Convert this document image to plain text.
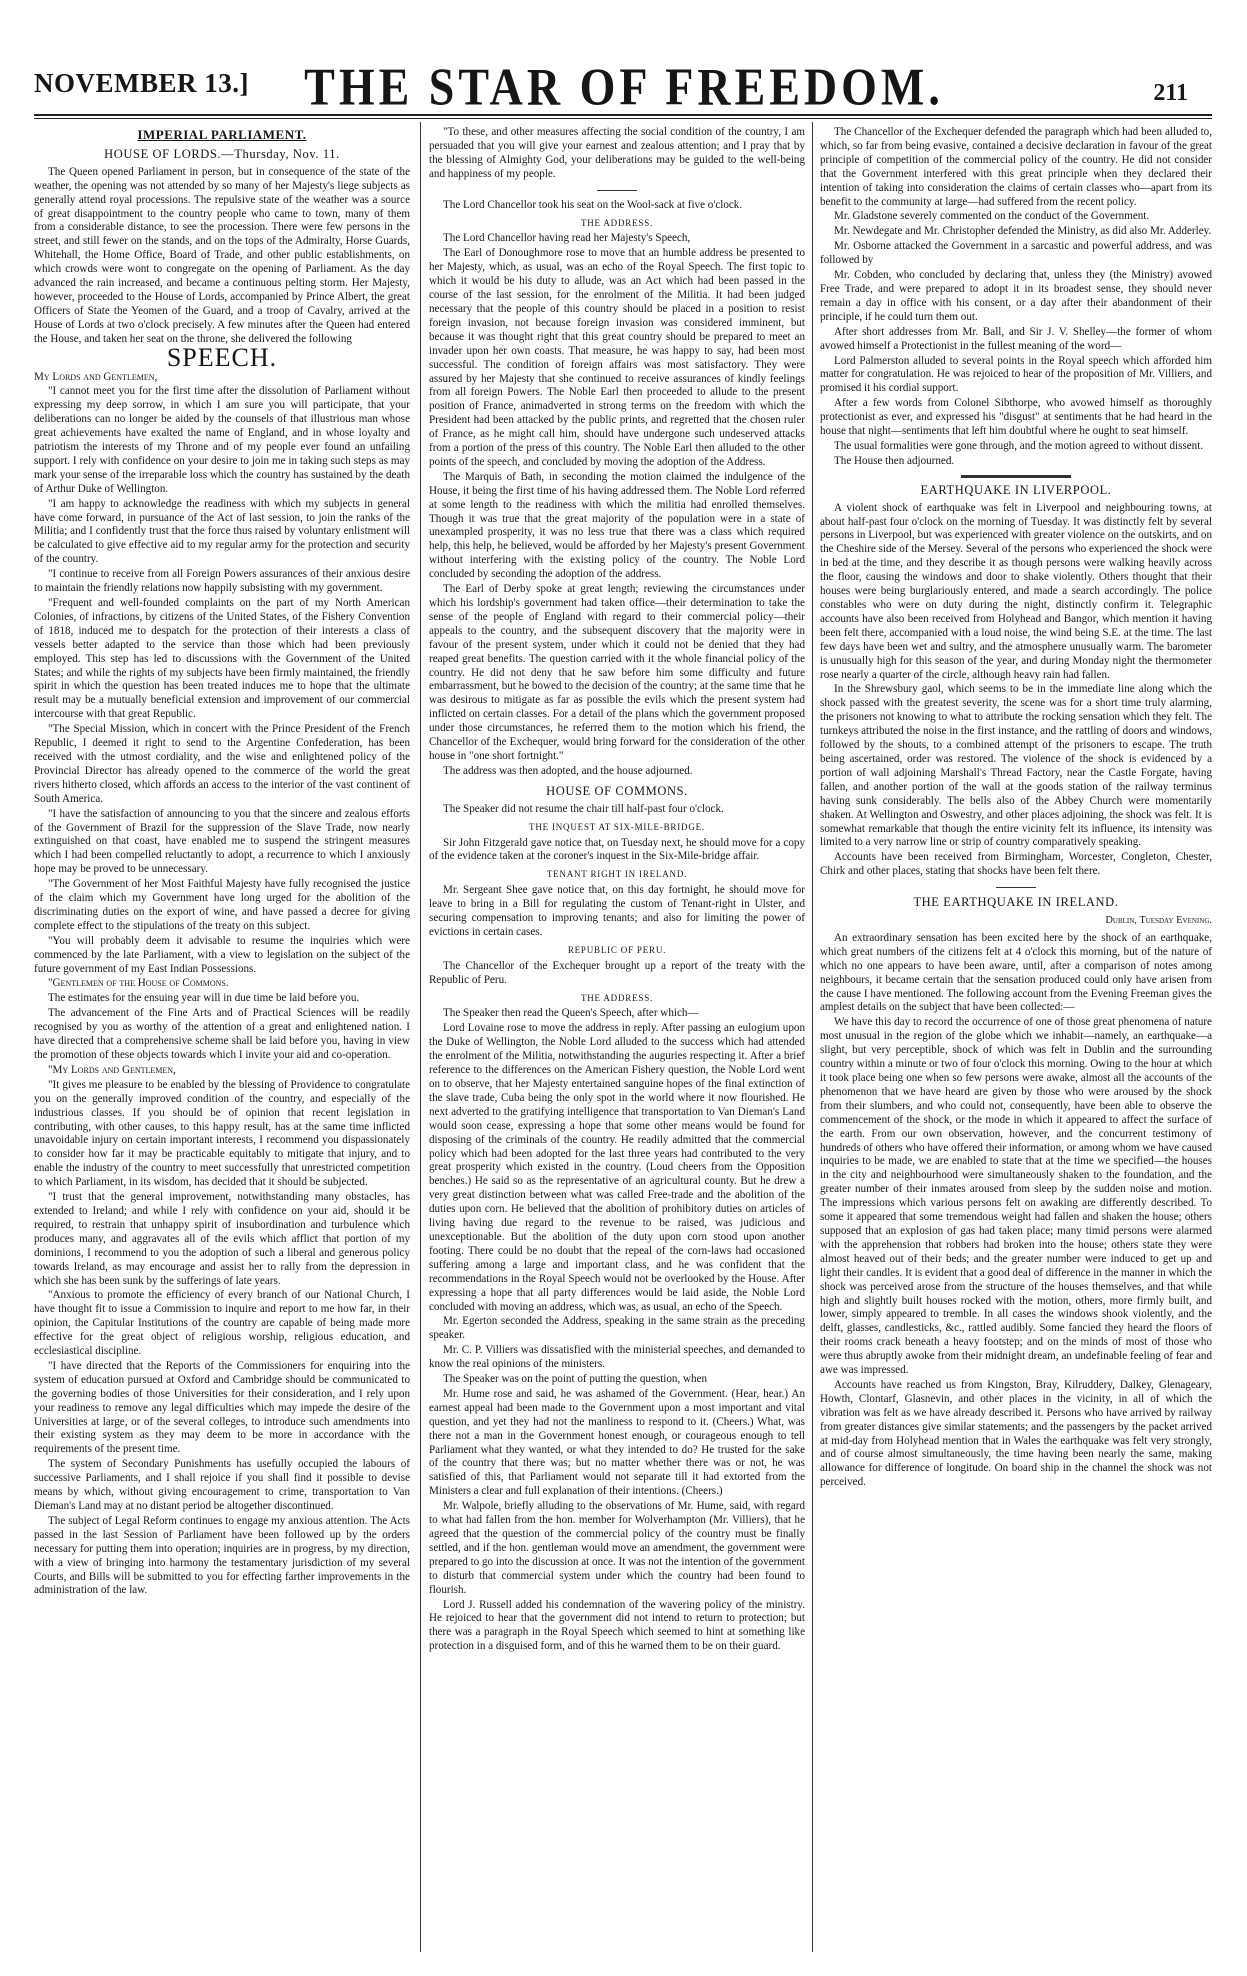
NOVEMBER 13.]	THE STAR OF FREEDOM.	211
IMPERIAL PARLIAMENT.
HOUSE OF LORDS.—Thursday, Nov. 11.

The Queen opened Parliament in person, but in consequence of the state of the weather, the opening was not attended by so many of her Majesty's liege subjects as generally attend royal processions. The repulsive state of the weather was a source of great disappointment to the country people who came to town, many of them from a considerable distance, to see the procession. There were few persons in the street, and still fewer on the stands, and on the tops of the Admiralty, Horse Guards, Whitehall, the Home Office, Board of Trade, and other public establishments, on which crowds were wont to congregate on the opening of Parliament. As the day advanced the rain increased, and became a continuous pelting storm. Her Majesty, however, proceeded to the House of Lords, accompanied by Prince Albert, the great Officers of State the Yeomen of the Guard, and a troop of Cavalry, arrived at the House of Lords at two o'clock precisely. A few minutes after the Queen had entered the House, and taken her seat on the throne, she delivered the following

SPEECH.

My Lords and Gentlemen,

"I cannot meet you for the first time after the dissolution of Parliament without expressing my deep sorrow, in which I am sure you will participate, that your deliberations can no longer be aided by the counsels of that illustrious man whose great achievements have exalted the name of England, and in whose loyalty and patriotism the interests of my Throne and of my people ever found an unfailing support. I rely with confidence on your desire to join me in taking such steps as may mark your sense of the irreparable loss which the country has sustained by the death of Arthur Duke of Wellington.

"I am happy to acknowledge the readiness with which my subjects in general have come forward, in pursuance of the Act of last session, to join the ranks of the Militia; and I confidently trust that the force thus raised by voluntary enlistment will be calculated to give effective aid to my regular army for the protection and security of the country.

"I continue to receive from all Foreign Powers assurances of their anxious desire to maintain the friendly relations now happily subsisting with my government.

"Frequent and well-founded complaints on the part of my North American Colonies, of infractions, by citizens of the United States, of the Fishery Convention of 1818, induced me to despatch for the protection of their interests a class of vessels better adapted to the service than those which had been previously employed. This step has led to discussions with the Government of the United States; and while the rights of my subjects have been firmly maintained, the friendly spirit in which the question has been treated induces me to hope that the ultimate result may be a mutually beneficial extension and improvement of our commercial intercourse with that great Republic.

"The Special Mission, which in concert with the Prince President of the French Republic, I deemed it right to send to the Argentine Confederation, has been received with the utmost cordiality, and the wise and enlightened policy of the Provincial Director has already opened to the commerce of the world the great rivers hitherto closed, which affords an access to the interior of the vast continent of South America.

"I have the satisfaction of announcing to you that the sincere and zealous efforts of the Government of Brazil for the suppression of the Slave Trade, now nearly extinguished on that coast, have enabled me to suspend the stringent measures which I had been compelled reluctantly to adopt, a recurrence to which I anxiously hope may be proved to be unnecessary.

"The Government of her Most Faithful Majesty have fully recognised the justice of the claim which my Government have long urged for the abolition of the discriminating duties on the export of wine, and have passed a decree for giving complete effect to the stipulations of the treaty on this subject.

"You will probably deem it advisable to resume the inquiries which were commenced by the late Parliament, with a view to legislation on the subject of the future government of my East Indian Possessions.

"Gentlemen of the House of Commons.

The estimates for the ensuing year will in due time be laid before you.

The advancement of the Fine Arts and of Practical Sciences will be readily recognised by you as worthy of the attention of a great and enlightened nation. I have directed that a comprehensive scheme shall be laid before you, having in view the promotion of these objects towards which I invite your aid and co-operation.

"My Lords and Gentlemen,

"It gives me pleasure to be enabled by the blessing of Providence to congratulate you on the generally improved condition of the country, and especially of the industrious classes. If you should be of opinion that recent legislation in contributing, with other causes, to this happy result, has at the same time inflicted unavoidable injury on certain important interests, I recommend you dispassionately to consider how far it may be practicable equitably to mitigate that injury, and to enable the industry of the country to meet successfully that unrestricted competition to which Parliament, in its wisdom, has decided that it should be subjected.

"I trust that the general improvement, notwithstanding many obstacles, has extended to Ireland; and while I rely with confidence on your aid, should it be required, to restrain that unhappy spirit of insubordination and turbulence which produces many, and aggravates all of the evils which afflict that portion of my dominions, I recommend to you the adoption of such a liberal and generous policy towards Ireland, as may encourage and assist her to rally from the depression in which she has been sunk by the sufferings of late years.

"Anxious to promote the efficiency of every branch of our National Church, I have thought fit to issue a Commission to inquire and report to me how far, in their opinion, the Capitular Institutions of the country are capable of being made more effective for the great object of religious worship, religious education, and ecclesiastical discipline.

"I have directed that the Reports of the Commissioners for enquiring into the system of education pursued at Oxford and Cambridge should be communicated to the governing bodies of those Universities for their consideration, and I rely upon your readiness to remove any legal difficulties which may impede the desire of the Universities at large, or of the several colleges, to introduce such amendments into their existing system as they may deem to be more in accordance with the requirements of the present time.

The system of Secondary Punishments has usefully occupied the labours of successive Parliaments, and I shall rejoice if you shall find it possible to devise means by which, without giving encouragement to crime, transportation to Van Dieman's Land may at no distant period be altogether discontinued.

The subject of Legal Reform continues to engage my anxious attention. The Acts passed in the last Session of Parliament have been followed up by the orders necessary for putting them into operation; inquiries are in progress, by my direction, with a view of bringing into harmony the testamentary jurisdiction of my several Courts, and Bills will be submitted to you for effecting farther improvements in the administration of the law.

"To these, and other measures affecting the social condition of the country, I am persuaded that you will give your earnest and zealous attention; and I pray that by the blessing of Almighty God, your deliberations may be guided to the well-being and happiness of my people.

The Lord Chancellor took his seat on the Wool-sack at five o'clock.

THE ADDRESS.

The Lord Chancellor having read her Majesty's Speech,

The Earl of Donoughmore rose to move that an humble address be presented to her Majesty, which, as usual, was an echo of the Royal Speech. The first topic to which it would be his duty to allude, was an Act which had been passed in the course of the last session, for the enrolment of the Militia. It had been judged necessary that the people of this country should be placed in a position to resist foreign invasion, not because foreign invasion was considered imminent, but because it was thought right that this great country should be prepared to meet an invader upon her own coasts. That measure, he was happy to say, had been most successful. The condition of foreign affairs was most satisfactory. They were assured by her Majesty that she continued to receive assurances of kindly feelings from all foreign Powers. The Noble Earl then proceeded to allude to the present position of France, animadverted in strong terms on the freedom with which the President had been attacked by the public prints, and regretted that the chosen ruler of France, as he might call him, should have undergone such undeserved attacks from a portion of the press of this country. The Noble Earl then alluded to the other points of the speech, and concluded by moving the adoption of the Address.

The Marquis of Bath, in seconding the motion claimed the indulgence of the House, it being the first time of his having addressed them. The Noble Lord referred at some length to the readiness with which the militia had enrolled themselves. Though it was true that the great majority of the population were in a state of unexampled prosperity, it was no less true that there was a class which required help, this help, he believed, would be afforded by her Majesty's present Government without interfering with the existing policy of the country. The Noble Lord concluded by seconding the adoption of the address.

The Earl of Derby spoke at great length; reviewing the circumstances under which his lordship's government had taken office—their determination to take the sense of the people of England with regard to their commercial policy—their appeals to the country, and the subsequent discovery that the majority were in favour of the present system, under which it could not be denied that they had reaped great benefits. The question carried with it the whole financial policy of the country. He did not deny that he saw before him some difficulty and future embarrassment, but he bowed to the decision of the country; at the same time that he was desirous to mitigate as far as possible the evils which the present system had inflicted on certain classes. For a detail of the plans which the government proposed under those circumstances, he referred them to the motion which his friend, the Chancellor of the Exchequer, would bring forward for the consideration of the other house in "one short fortnight."

The address was then adopted, and the house adjourned.

HOUSE OF COMMONS.

The Speaker did not resume the chair till half-past four o'clock.

THE INQUEST AT SIX-MILE-BRIDGE.

Sir John Fitzgerald gave notice that, on Tuesday next, he should move for a copy of the evidence taken at the coroner's inquest in the Six-Mile-bridge affair.

TENANT RIGHT IN IRELAND.

Mr. Sergeant Shee gave notice that, on this day fortnight, he should move for leave to bring in a Bill for regulating the custom of Tenant-right in Ulster, and securing compensation to improving tenants; and also for limiting the power of evictions in certain cases.

REPUBLIC OF PERU.

The Chancellor of the Exchequer brought up a report of the treaty with the Republic of Peru.

THE ADDRESS.

The Speaker then read the Queen's Speech, after which—

Lord Lovaine rose to move the address in reply. After passing an eulogium upon the Duke of Wellington, the Noble Lord alluded to the success which had attended the enrolment of the Militia, notwithstanding the auguries respecting it. After a brief reference to the differences on the American Fishery question, the Noble Lord went on to observe, that her Majesty entertained sanguine hopes of the final extinction of the slave trade, Cuba being the only spot in the world where it now flourished. He next adverted to the gratifying intelligence that transportation to Van Dieman's Land would soon cease, expressing a hope that some other means would be found for disposing of the criminals of the country. He readily admitted that the commercial policy which had been adopted for the last three years had contributed to the very great prosperity which existed in the country. (Loud cheers from the Opposition benches.) He said so as the representative of an agricultural county. But he drew a very great distinction between what was called Free-trade and the abolition of the duties upon corn. He believed that the abolition of prohibitory duties on articles of living having due regard to the revenue to be raised, was judicious and unexceptionable. But the abolition of the duty upon corn stood upon another footing. There could be no doubt that the repeal of the corn-laws had occasioned suffering among a large and important class, and he was confident that the recommendations in the Royal Speech would not be overlooked by the House. After expressing a hope that all party differences would be laid aside, the Noble Lord concluded with moving an address, which was, as usual, an echo of the Speech.

Mr. Egerton seconded the Address, speaking in the same strain as the preceding speaker.

Mr. C. P. Villiers was dissatisfied with the ministerial speeches, and demanded to know the real opinions of the ministers.

The Speaker was on the point of putting the question, when

Mr. Hume rose and said, he was ashamed of the Government. (Hear, hear.) An earnest appeal had been made to the Government upon a most important and vital question, and yet they had not the manliness to respond to it. (Cheers.) What, was there not a man in the Government honest enough, or courageous enough to tell Parliament what they wanted, or what they intended to do? He trusted for the sake of the country that there was; but no matter whether there was or not, he was satisfied of this, that Parliament would not separate till it had extorted from the Ministers a clear and full explanation of their intentions. (Cheers.)

Mr. Walpole, briefly alluding to the observations of Mr. Hume, said, with regard to what had fallen from the hon. member for Wolverhampton (Mr. Villiers), that he agreed that the question of the commercial policy of the country must be finally settled, and if the hon. gentleman would move an amendment, the government were prepared to go into the discussion at once. It was not the intention of the government to disturb that commercial system under which the country had been found to flourish.

Lord J. Russell added his condemnation of the wavering policy of the ministry. He rejoiced to hear that the government did not intend to return to protection; but there was a paragraph in the Royal Speech which seemed to hint at something like protection in a disguised form, and of this he warned them to be on their guard.

The Chancellor of the Exchequer defended the paragraph which had been alluded to, which, so far from being evasive, contained a decisive declaration in favour of the great principle of competition of the commercial policy of the country. He did not consider that the Government interfered with this great principle when they declared their intention of taking into consideration the claims of certain classes who—apart from its benefit to the community at large—had suffered from the recent policy.

Mr. Gladstone severely commented on the conduct of the Government.

Mr. Newdegate and Mr. Christopher defended the Ministry, as did also Mr. Adderley.

Mr. Osborne attacked the Government in a sarcastic and powerful address, and was followed by

Mr. Cobden, who concluded by declaring that, unless they (the Ministry) avowed Free Trade, and were prepared to adopt it in its broadest sense, they should never remain a day in office with his consent, or a day after their abandonment of their principle, if he could turn them out.

After short addresses from Mr. Ball, and Sir J. V. Shelley—the former of whom avowed himself a Protectionist in the fullest meaning of the word—

Lord Palmerston alluded to several points in the Royal speech which afforded him matter for congratulation. He was rejoiced to hear of the proposition of Mr. Villiers, and promised it his cordial support.

After a few words from Colonel Sibthorpe, who avowed himself as thoroughly protectionist as ever, and expressed his "disgust" at sentiments that he had heard in the house that night—sentiments that left him doubtful where he ought to seat himself.

The usual formalities were gone through, and the motion agreed to without dissent.

The House then adjourned.

EARTHQUAKE IN LIVERPOOL.

A violent shock of earthquake was felt in Liverpool and neighbouring towns, at about half-past four o'clock on the morning of Tuesday. It was distinctly felt by several persons in Liverpool, but was experienced with greater violence on the outskirts, and on the Cheshire side of the Mersey. Several of the persons who experienced the shock were in bed at the time, and they describe it as though persons were walking heavily across the floor, causing the windows and door to shake violently. Others thought that their houses were being burglariously entered, and made a search accordingly. The police constables who were on duty during the night, distinctly confirm it. Telegraphic accounts have also been received from Holyhead and Bangor, which mention it having been felt there, accompanied with a loud noise, the wind being S.E. at the time. The last few days have been wet and sultry, and the atmosphere unusually warm. The barometer is unusually high for this season of the year, and during Monday night the thermometer rose nearly a quarter of the circle, although heavy rain had fallen.

In the Shrewsbury gaol, which seems to be in the immediate line along which the shock passed with the greatest severity, the scene was for a short time truly alarming, the prisoners not knowing to what to attribute the rocking sensation which they felt. The turnkeys attributed the noise in the first instance, and the rattling of doors and windows, followed by the shouts, to a combined attempt of the prisoners to escape. The truth being ascertained, order was restored. The violence of the shock is evidenced by a portion of wall adjoining Marshall's Thread Factory, near the Castle Forgate, having fallen, and another portion of the wall at the goods station of the railway terminus having sunk considerably. The bells also of the Abbey Church were momentarily shaken. At Wellington and Oswestry, and other places adjoining, the shock was felt. It is somewhat remarkable that though the entire vicinity felt its influence, its intensity was limited to a very narrow line or strip of country comparatively speaking.

Accounts have been received from Birmingham, Worcester, Congleton, Chester, Chirk and other places, stating that shocks have been felt there.

THE EARTHQUAKE IN IRELAND.
Dublin, Tuesday Evening.

An extraordinary sensation has been excited here by the shock of an earthquake, which great numbers of the citizens felt at 4 o'clock this morning, but of the nature of which no one appears to have been aware, until, after a comparison of notes among neighbours, it became certain that the sensation produced could only have arisen from the cause I have mentioned. The following account from the Evening Freeman gives the amplest details on the subject that have been collected:—

We have this day to record the occurrence of one of those great phenomena of nature most unusual in the region of the globe which we inhabit—namely, an earthquake—a slight, but very perceptible, shock of which was felt in Dublin and the surrounding country within a minute or two of four o'clock this morning. Owing to the hour at which it took place being one when so few persons were awake, almost all the accounts of the phenomenon that we have heard are given by those who were aroused by the shock from their slumbers, and who could not, consequently, have been able to observe the commencement of the shock, or the mode in which it appeared to affect the surface of the earth. From our own observation, however, and the concurrent testimony of hundreds of others who have offered their information, or among whom we have caused inquiries to be made, we are enabled to state that at the time we specified—the houses in the city and neighbourhood were simultaneously shaken to the foundation, and the greater number of their inmates aroused from sleep by the sudden noise and motion. The impressions which various persons felt on awaking are differently described. To some it appeared that some tremendous weight had fallen and shaken the house; others supposed that an explosion of gas had taken place; many timid persons were alarmed with the apprehension that robbers had broken into the house; others state they were almost heaved out of their beds; and the greater number were induced to get up and light their candles. It is evident that a good deal of difference in the manner in which the shock was perceived arose from the structure of the houses themselves, and that while high and slightly built houses rocked with the motion, others, more firmly built, and lower, simply appeared to tremble. In all cases the windows shook violently, and the delft, glasses, candlesticks, &c., rattled audibly. Some fancied they heard the floors of their rooms crack beneath a heavy footstep; and on the minds of most of those who were thus abruptly awoke from their midnight dream, an undefinable feeling of fear and awe was impressed.

Accounts have reached us from Kingston, Bray, Kilruddery, Dalkey, Glenageary, Howth, Clontarf, Glasnevin, and other places in the vicinity, in all of which the vibration was felt as we have already described it. Persons who have arrived by railway from greater distances give similar statements; and the passengers by the packet arrived at mid-day from Holyhead mention that in Wales the earthquake was felt very strongly, and of course almost simultaneously, the time having been nearly the same, making allowance for difference of longitude. On board ship in the channel the shock was not perceived.
